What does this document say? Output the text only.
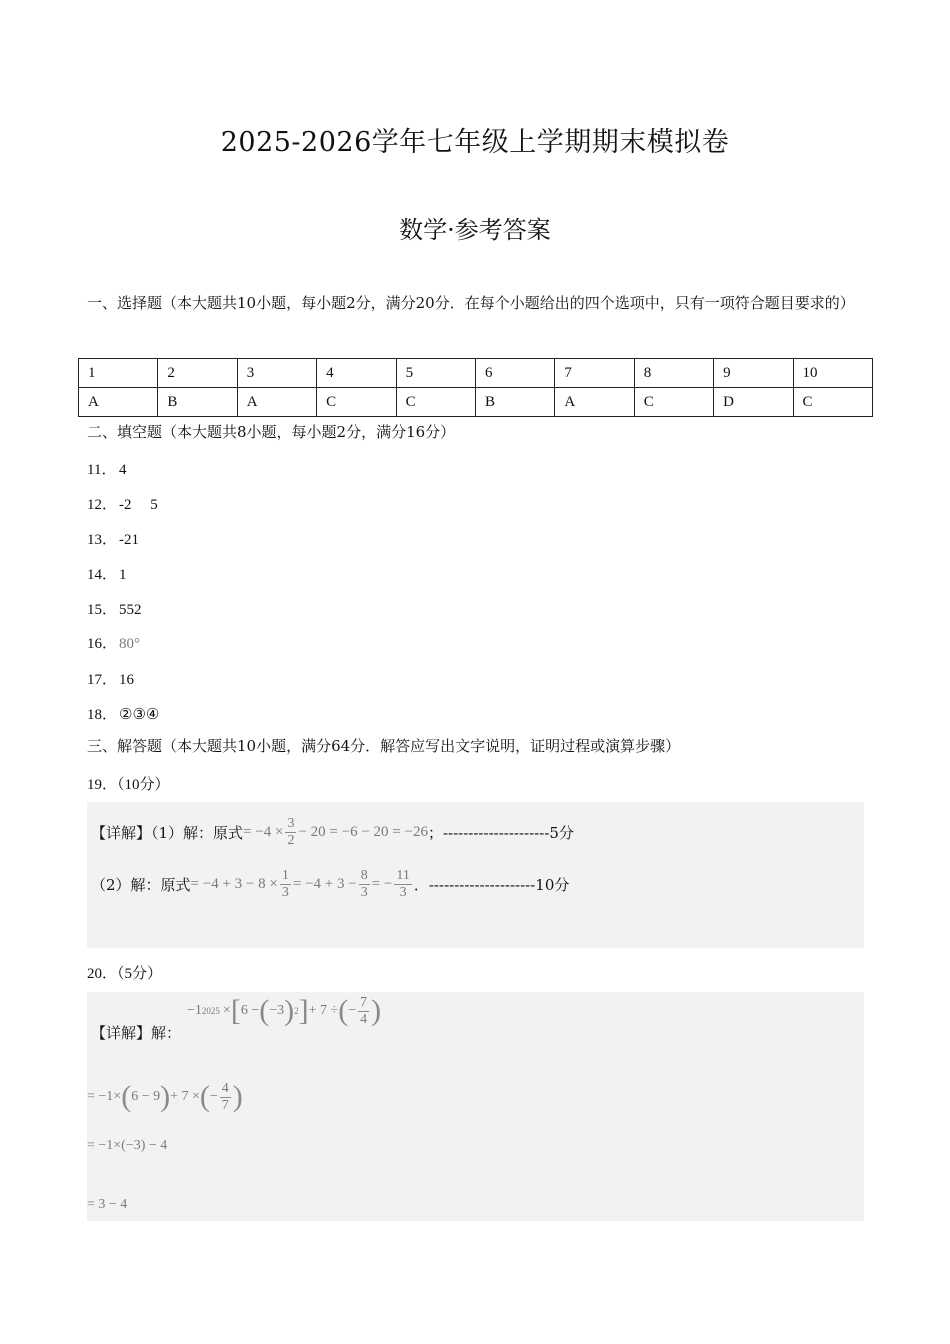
2025-2026学年七年级上学期期末模拟卷
数学·参考答案
一、选择题（本大题共10小题，每小题2分，满分20分．在每个小题给出的四个选项中，只有一项符合题目要求的）
1	2	3	4	5	6	7	8	9	10
A	B	A	C	C	B	A	C	D	C
二、填空题（本大题共8小题，每小题2分，满分16分）
11． 4
12． -2　 5
13． -21
14． 1
15． 552
16． 80°
17． 16
18． ②③④
三、解答题（本大题共10小题，满分64分．解答应写出文字说明，证明过程或演算步骤）
19．（10分）
【详解】（1）解：原式 = $-4 \times \frac{3}{2} - 20 = -6 - 20 = -26$ ；---------------------5分
（2）解：原式 = $-4 + 3 - 8 \times \frac{1}{3} = -4 + 3 - \frac{8}{3}$ = − $\frac{11}{3}$ ．---------------------10分
20．（5分）
【详解】解：
−1 2025 × [ 6 − ( −3 ) 2 ] + 7 ÷ ( − $\frac{7}{4}$ )
= −1× ( 6 − 9 ) + 7 × ( − $\frac{4}{7}$ )
= −1×(−3) − 4
= 3 − 4
